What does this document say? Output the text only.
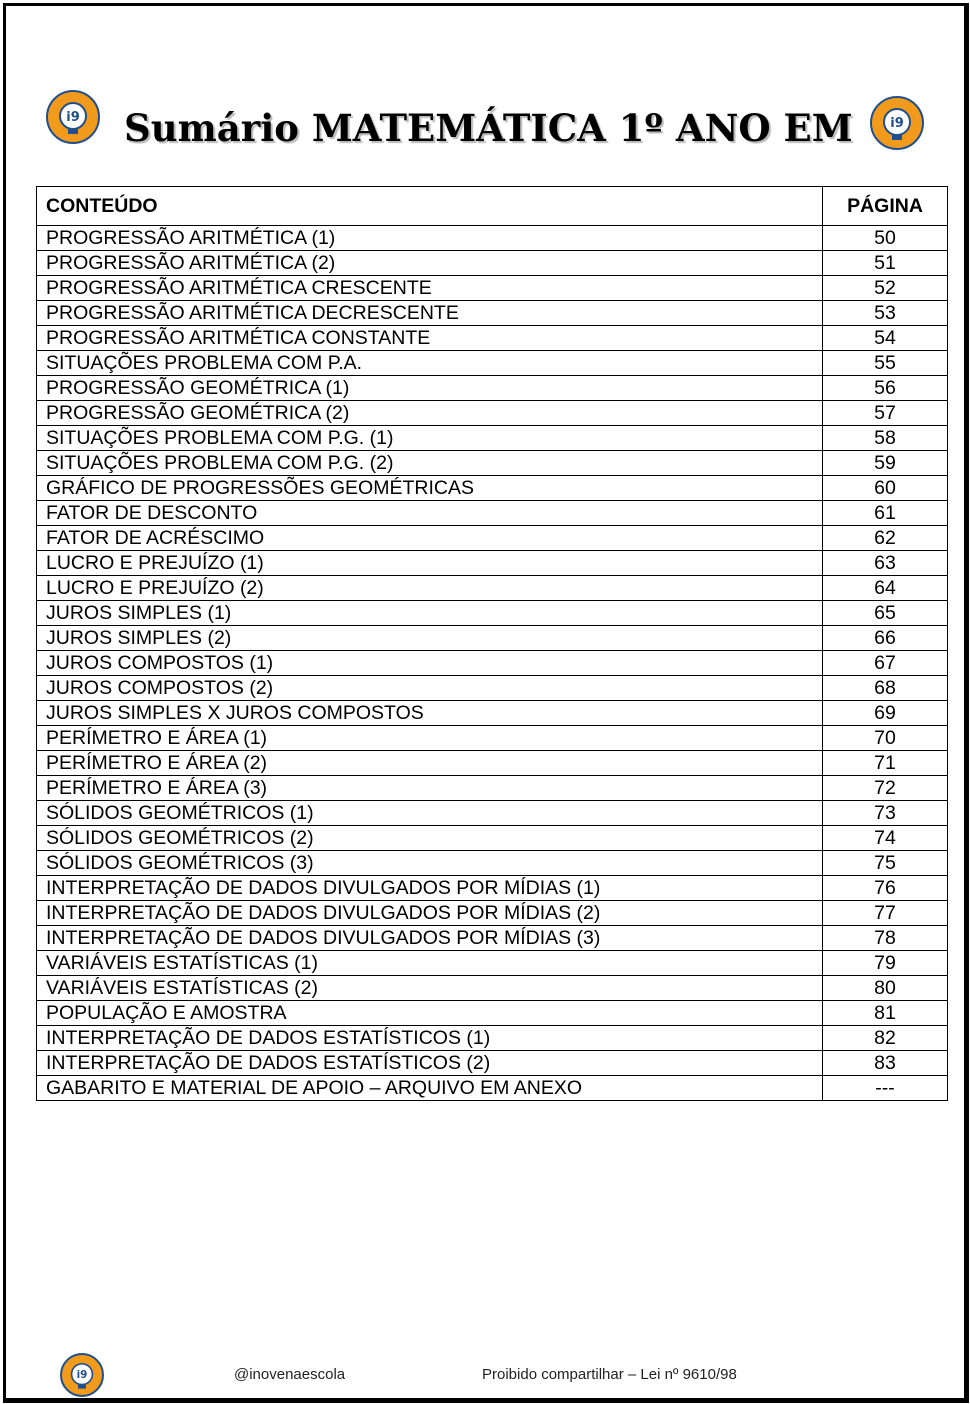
i9 Sumário MATEMÁTICA 1º ANO EM	i9
CONTEÚDO	PÁGINA
PROGRESSÃO ARITMÉTICA (1)	50
PROGRESSÃO ARITMÉTICA (2)	51
PROGRESSÃO ARITMÉTICA CRESCENTE	52
PROGRESSÃO ARITMÉTICA DECRESCENTE	53
PROGRESSÃO ARITMÉTICA CONSTANTE	54
SITUAÇÕES PROBLEMA COM P.A.	55
PROGRESSÃO GEOMÉTRICA (1)	56
PROGRESSÃO GEOMÉTRICA (2)	57
SITUAÇÕES PROBLEMA COM P.G. (1)	58
SITUAÇÕES PROBLEMA COM P.G. (2)	59
GRÁFICO DE PROGRESSÕES GEOMÉTRICAS	60
FATOR DE DESCONTO	61
FATOR DE ACRÉSCIMO	62
LUCRO E PREJUÍZO (1)	63
LUCRO E PREJUÍZO (2)	64
JUROS SIMPLES (1)	65
JUROS SIMPLES (2)	66
JUROS COMPOSTOS (1)	67
JUROS COMPOSTOS (2)	68
JUROS SIMPLES X JUROS COMPOSTOS	69
PERÍMETRO E ÁREA (1)	70
PERÍMETRO E ÁREA (2)	71
PERÍMETRO E ÁREA (3)	72
SÓLIDOS GEOMÉTRICOS (1)	73
SÓLIDOS GEOMÉTRICOS (2)	74
SÓLIDOS GEOMÉTRICOS (3)	75
INTERPRETAÇÃO DE DADOS DIVULGADOS POR MÍDIAS (1)	76
INTERPRETAÇÃO DE DADOS DIVULGADOS POR MÍDIAS (2)	77
INTERPRETAÇÃO DE DADOS DIVULGADOS POR MÍDIAS (3)	78
VARIÁVEIS ESTATÍSTICAS (1)	79
VARIÁVEIS ESTATÍSTICAS (2)	80
POPULAÇÃO E AMOSTRA	81
INTERPRETAÇÃO DE DADOS ESTATÍSTICOS (1)	82
INTERPRETAÇÃO DE DADOS ESTATÍSTICOS (2)	83
GABARITO E MATERIAL DE APOIO – ARQUIVO EM ANEXO	---
i9	@inovenaescola	Proibido compartilhar – Lei nº 9610/98
